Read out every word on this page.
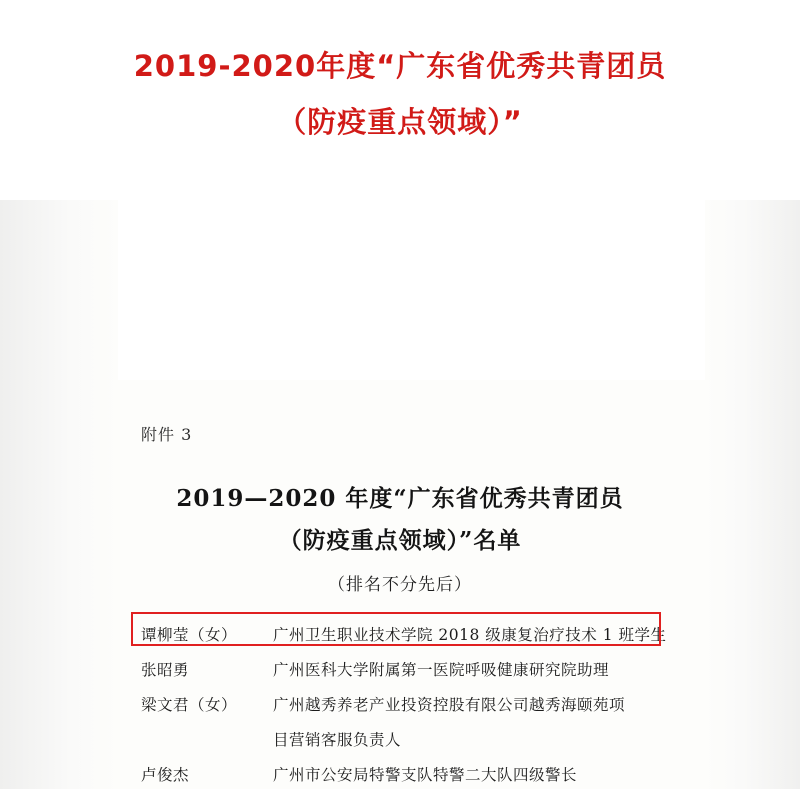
2019-2020年度“广东省优秀共青团员
（防疫重点领域）”
附件 3
2019—2020 年度“广东省优秀共青团员
（防疫重点领域）”名单
（排名不分先后）
谭柳莹（女）	广州卫生职业技术学院 2018 级康复治疗技术 1 班学生
张昭勇	广州医科大学附属第一医院呼吸健康研究院助理
梁文君（女）	广州越秀养老产业投资控股有限公司越秀海颐苑项
目营销客服负责人
卢俊杰	广州市公安局特警支队特警二大队四级警长
